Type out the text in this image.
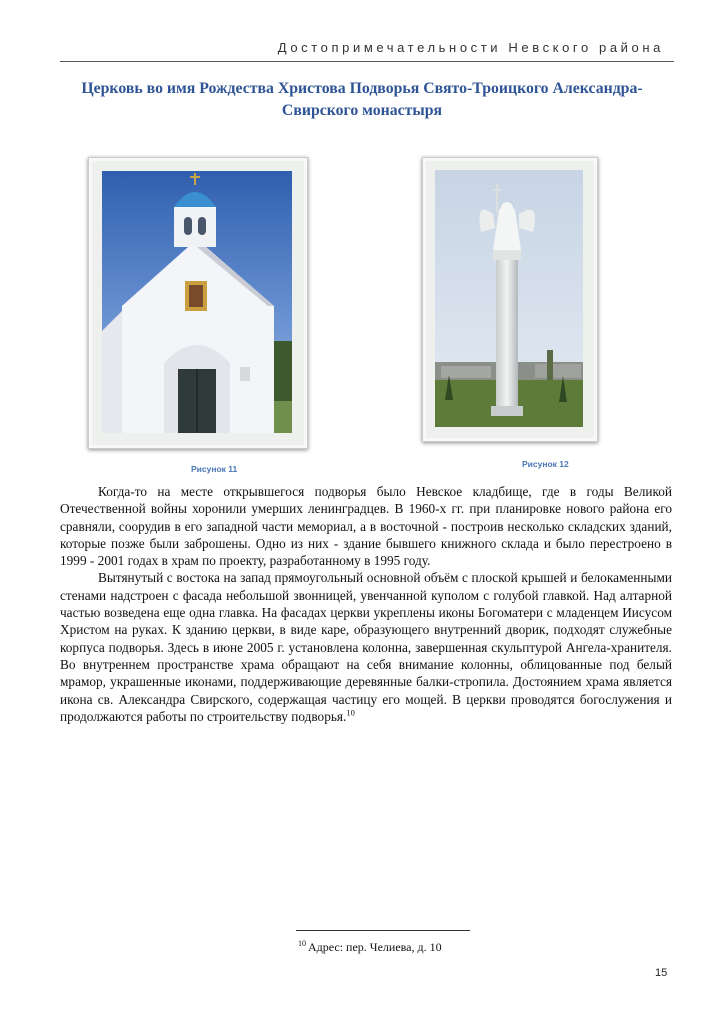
Достопримечательности Невского района
Церковь во имя Рождества Христова Подворья Свято-Троицкого Александра-Свирского монастыря
Рисунок 11	Рисунок 12

Когда-то на месте открывшегося подворья было Невское кладбище, где в годы Великой Отечественной войны хоронили умерших ленинградцев. В 1960-х гг. при планировке нового района его сравняли, соорудив в его западной части мемориал, а в восточной - построив несколько складских зданий, которые позже были заброшены. Одно из них - здание бывшего книжного склада и было перестроено в 1999 - 2001 годах в храм по проекту, разработанному в 1995 году.

Вытянутый с востока на запад прямоугольный основной объём с плоской крышей и белокаменными стенами надстроен с фасада небольшой звонницей, увенчанной куполом с голубой главкой. Над алтарной частью возведена еще одна главка. На фасадах церкви укреплены иконы Богоматери с младенцем Иисусом Христом на руках. К зданию церкви, в виде каре, образующего внутренний дворик, подходят служебные корпуса подворья. Здесь в июне 2005 г. установлена колонна, завершенная скульптурой Ангела-хранителя. Во внутреннем пространстве храма обращают на себя внимание колонны, облицованные под белый мрамор, украшенные иконами, поддерживающие деревянные балки-стропила. Достоянием храма является икона св. Александра Свирского, содержащая частицу его мощей. В церкви проводятся богослужения и продолжаются работы по строительству подворья.$^{10}$

$^{10}$ Адрес: пер. Челиева, д. 10
15
